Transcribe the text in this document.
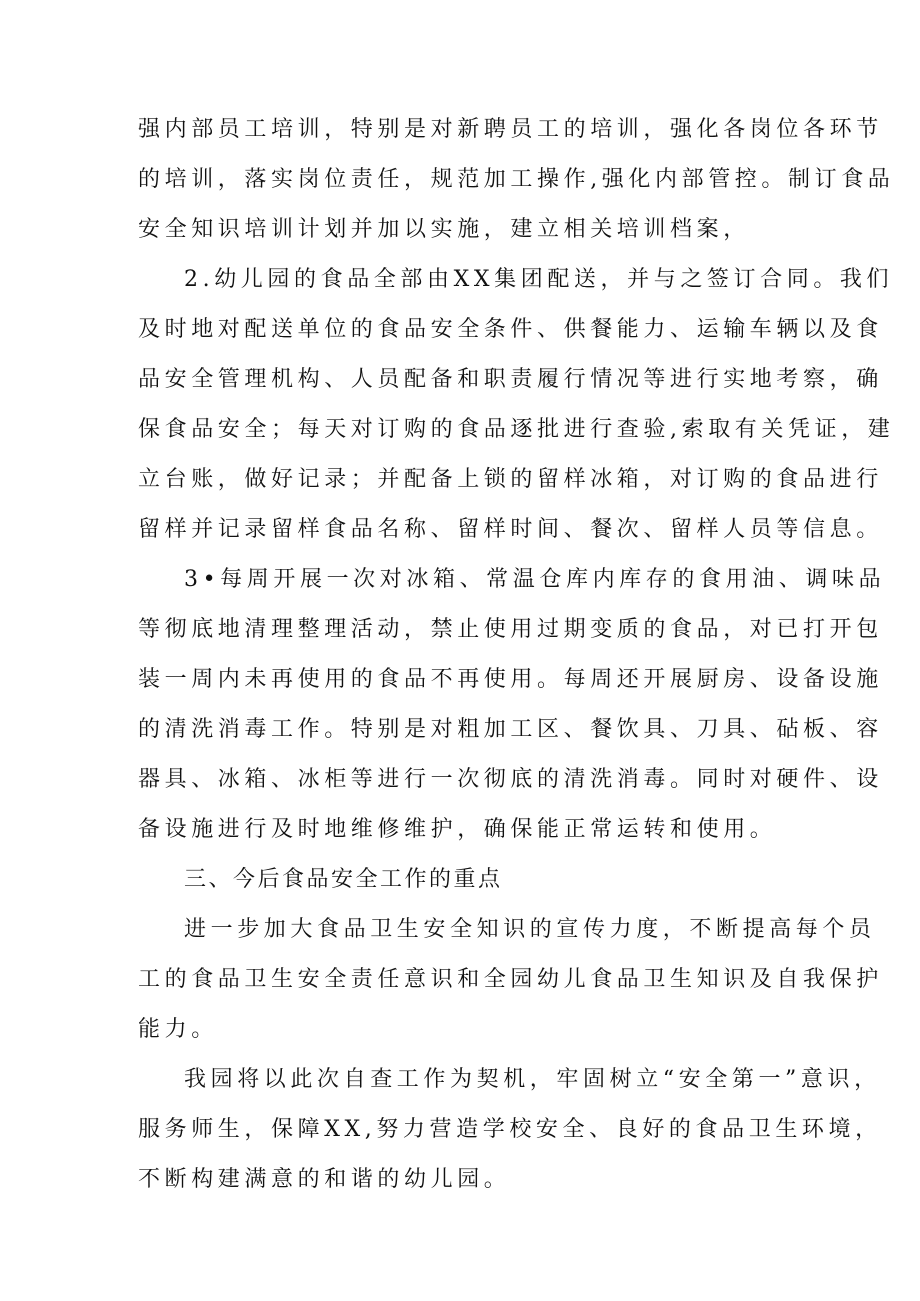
强内部员工培训，特别是对新聘员工的培训，强化各岗位各环节
的培训，落实岗位责任，规范加工操作,强化内部管控。制订食品
安全知识培训计划并加以实施，建立相关培训档案，
2.幼儿园的食品全部由XX集团配送，并与之签订合同。我们
及时地对配送单位的食品安全条件、供餐能力、运输车辆以及食
品安全管理机构、人员配备和职责履行情况等进行实地考察，确
保食品安全；每天对订购的食品逐批进行查验,索取有关凭证，建
立台账，做好记录；并配备上锁的留样冰箱，对订购的食品进行
留样并记录留样食品名称、留样时间、餐次、留样人员等信息。
3•每周开展一次对冰箱、常温仓库内库存的食用油、调味品
等彻底地清理整理活动，禁止使用过期变质的食品，对已打开包
装一周内未再使用的食品不再使用。每周还开展厨房、设备设施
的清洗消毒工作。特别是对粗加工区、餐饮具、刀具、砧板、容
器具、冰箱、冰柜等进行一次彻底的清洗消毒。同时对硬件、设
备设施进行及时地维修维护，确保能正常运转和使用。
三、今后食品安全工作的重点
进一步加大食品卫生安全知识的宣传力度，不断提高每个员
工的食品卫生安全责任意识和全园幼儿食品卫生知识及自我保护
能力。
我园将以此次自查工作为契机，牢固树立“安全第一”意识，
服务师生，保障XX,努力营造学校安全、良好的食品卫生环境，
不断构建满意的和谐的幼儿园。
